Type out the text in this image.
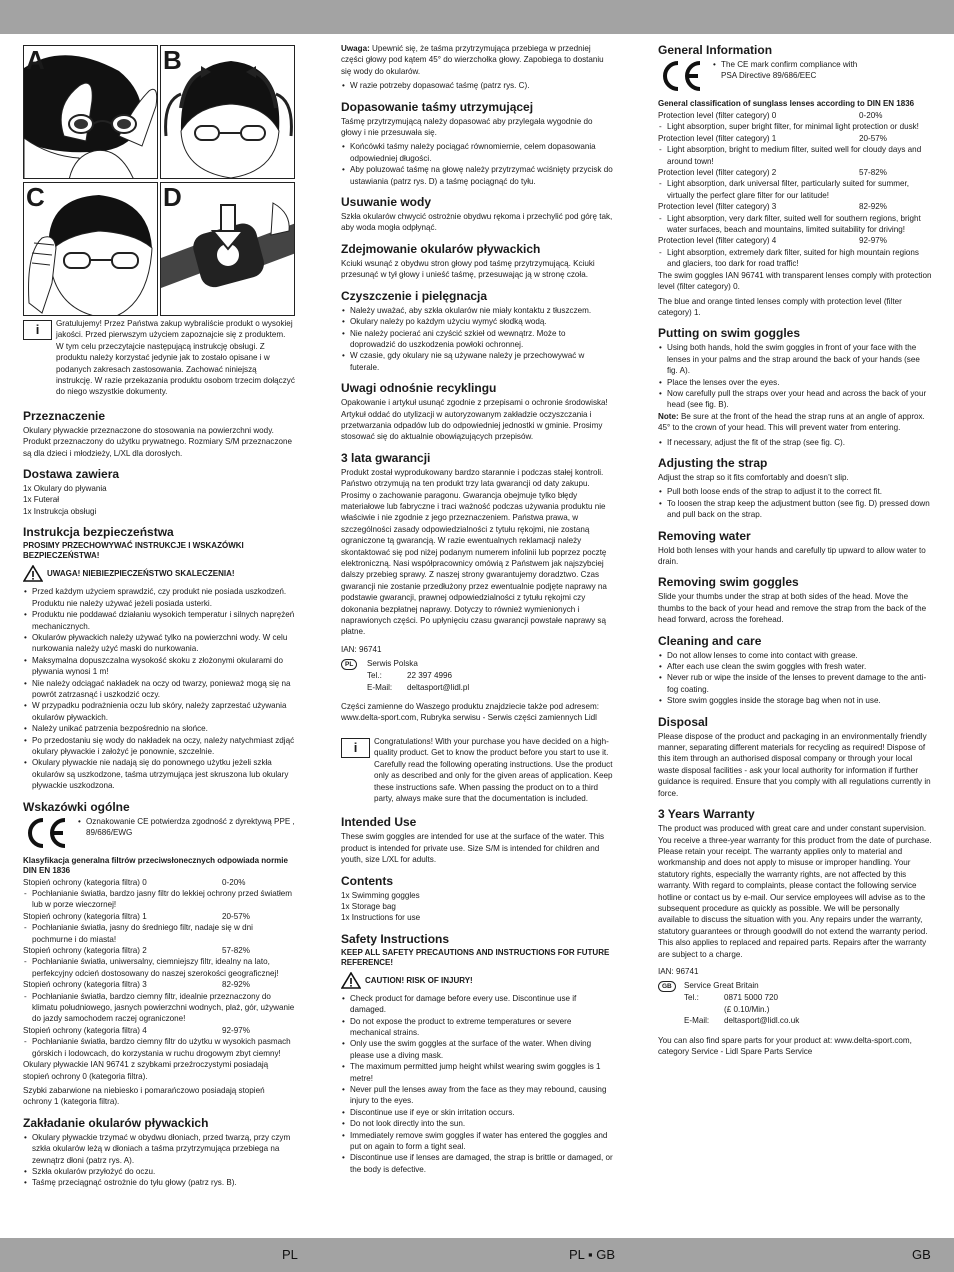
A	B
C	D
i	Gratulujemy! Przez Państwa zakup wybraliście produkt o wysokiej jakości. Przed pierwszym użyciem zapoznajcie się z produktem. W tym celu przeczytajcie następującą instrukcję obsługi. Z produktu należy korzystać jedynie jak to zostało opisane i w podanych zakresach zastosowania. Zachować niniejszą instrukcję. W razie przekazania produktu osobom trzecim dołączyć do niego wszystkie dokumenty.

Przeznaczenie

Okulary pływackie przeznaczone do stosowania na powierzchni wody. Produkt przeznaczony do użytku prywatnego. Rozmiary S/M przeznaczone są dla dzieci i młodzieży, L/XL dla dorosłych.

Dostawa zawiera
1x Okulary do pływania
1x Futerał
1x Instrukcja obsługi
Instrukcja bezpieczeństwa
PROSIMY PRZECHOWYWAĆ INSTRUKCJE I WSKAZÓWKI BEZPIECZEŃSTWA!
UWAGA! NIEBIEZPIECZEŃSTWO SKALECZENIA!
• Przed każdym użyciem sprawdzić, czy produkt nie posiada uszkodzeń. Produktu nie należy używać jeżeli posiada usterki.
• Produktu nie poddawać działaniu wysokich temperatur i silnych naprężeń mechanicznych.
• Okularów pływackich należy używać tylko na powierzchni wody. W celu nurkowania należy użyć maski do nurkowania.
• Maksymalna dopuszczalna wysokość skoku z złożonymi okularami do pływania wynosi 1 m!
• Nie należy odciągać nakładek na oczy od twarzy, ponieważ mogą się na powrót zatrzasnąć i uszkodzić oczy.
• W przypadku podrażnienia oczu lub skóry, należy zaprzestać używania okularów pływackich.
• Należy unikać patrzenia bezpośrednio na słońce.
• Po przedostaniu się wody do nakładek na oczy, należy natychmiast zdjąć okulary pływackie i założyć je ponownie, szczelnie.
• Okulary pływackie nie nadają się do ponownego użytku jeżeli szkła okularów są uszkodzone, taśma utrzymująca jest skruszona lub okulary pływackie uszkodzona.
Wskazówki ogólne
• Oznakowanie CE potwierdza zgodność z dyrektywą PPE , 89/686/EWG
Klasyfikacja generalna filtrów przeciwsłonecznych odpowiada normie DIN EN 1836
Stopień ochrony (kategoria filtra) 0	0-20%
- Pochłanianie światła, bardzo jasny filtr do lekkiej ochrony przed światłem lub w porze wieczornej!
Stopień ochrony (kategoria filtra) 1	20-57%
- Pochłanianie światła, jasny do średniego filtr, nadaje się w dni pochmurne i do miasta!
Stopień ochrony (kategoria filtra) 2	57-82%
- Pochłanianie światła, uniwersalny, ciemniejszy filtr, idealny na lato, perfekcyjny odcień dostosowany do naszej szerokości geograficznej!
Stopień ochrony (kategoria filtra) 3	82-92%
- Pochłanianie światła, bardzo ciemny filtr, idealnie przeznaczony do klimatu południowego, jasnych powierzchni wodnych, plaż, gór, używanie do jazdy samochodem raczej ograniczone!
Stopień ochrony (kategoria filtra) 4	92-97%
- Pochłanianie światła, bardzo ciemny filtr do użytku w wysokich pasmach górskich i lodowcach, do korzystania w ruchu drogowym zbyt ciemny!

Okulary pływackie IAN 96741 z szybkami przeźroczystymi posiadają stopień ochrony 0 (kategoria filtra).

Szybki zabarwione na niebiesko i pomarańczowo posiadają stopień ochrony 1 (kategoria filtra).

Zakładanie okularów pływackich
• Okulary pływackie trzymać w obydwu dłoniach, przed twarzą, przy czym szkła okularów leżą w dłoniach a taśma przytrzymująca przebiega na zewnątrz dłoni (patrz rys. A).
• Szkła okularów przyłożyć do oczu.
• Taśmę przeciągnąć ostrożnie do tyłu głowy (patrz rys. B).

Uwaga: Upewnić się, że taśma przytrzymująca przebiega w przedniej części głowy pod kątem 45° do wierzchołka głowy. Zapobiega to dostaniu się wody do okularów.

• W razie potrzeby dopasować taśmę (patrz rys. C).
Dopasowanie taśmy utrzymującej

Taśmę przytrzymującą należy dopasować aby przylegała wygodnie do głowy i nie przesuwała się.

• Końcówki taśmy należy pociągać równomiernie, celem dopasowania odpowiedniej długości.
• Aby poluzować taśmę na głowę należy przytrzymać wciśnięty przycisk do ustawiania (patrz rys. D) a taśmę pociągnąć do tyłu.
Usuwanie wody

Szkła okularów chwycić ostrożnie obydwu rękoma i przechylić pod górę tak, aby woda mogła odpłynąć.

Zdejmowanie okularów pływackich

Kciuki wsunąć z obydwu stron głowy pod taśmę przytrzymującą. Kciuki przesunąć w tył głowy i unieść taśmę, przesuwając ją w stronę czoła.

Czyszczenie i pielęgnacja
• Należy uważać, aby szkła okularów nie miały kontaktu z tłuszczem.
• Okulary należy po każdym użyciu wymyć słodką wodą.
• Nie należy pocierać ani czyścić szkieł od wewnątrz. Może to doprowadzić do uszkodzenia powłoki ochronnej.
• W czasie, gdy okulary nie są używane należy je przechowywać w futerale.
Uwagi odnośnie recyklingu

Opakowanie i artykuł usunąć zgodnie z przepisami o ochronie środowiska! Artykuł oddać do utylizacji w autoryzowanym zakładzie oczyszczania i przetwarzania odpadów lub do odpowiedniej jednostki w gminie. Prosimy stosować się do aktualnie obowiązujących przepisów.

3 lata gwarancji

Produkt został wyprodukowany bardzo starannie i podczas stałej kontroli. Państwo otrzymują na ten produkt trzy lata gwarancji od daty zakupu. Prosimy o zachowanie paragonu. Gwarancja obejmuje tylko błędy materiałowe lub fabryczne i traci ważność podczas używania produktu nie właściwie i nie zgodnie z jego przeznaczeniem. Państwa prawa, w szczególności zasady odpowiedzialności z tytułu rękojmi, nie zostaną ograniczone tą gwarancją. W razie ewentualnych reklamacji należy skontaktować się pod niżej podanym numerem infolinii lub poprzez pocztę elektroniczną. Nasi współpracownicy omówią z Państwem jak najszybciej dalszy przebieg sprawy. Z naszej strony gwarantujemy doradztwo. Czas gwarancji nie zostanie przedłużony przez ewentualnie podjęte naprawy na podstawie gwarancji, prawnej odpowiedzialności z tytułu rękojmi czy dokonania bezpłatnej naprawy. Dotyczy to również wymienionych i naprawionych części. Po upłynięciu czasu gwarancji powstałe naprawy są płatne.

IAN: 96741

PL	Serwis Polska
Tel.:	22 397 4996
E-Mail:	deltasport@lidl.pl

Części zamienne do Waszego produktu znajdziecie także pod adresem: www.delta-sport.com, Rubryka serwisu - Serwis części zamiennych Lidl

i	Congratulations! With your purchase you have decided on a high-quality product. Get to know the product before you start to use it. Carefully read the following operating instructions. Use the product only as described and only for the given areas of application. Keep these instructions safe. When passing the product on to a third party, always make sure that the documentation is included.

Intended Use

These swim goggles are intended for use at the surface of the water. This product is intended for private use. Size S/M is intended for children and youth, size L/XL for adults.

Contents
1x Swimming goggles
1x Storage bag
1x Instructions for use
Safety Instructions
KEEP ALL SAFETY PRECAUTIONS AND INSTRUCTIONS FOR FUTURE REFERENCE!
CAUTION! RISK OF INJURY!
• Check product for damage before every use. Discontinue use if damaged.
• Do not expose the product to extreme temperatures or severe mechanical strains.
• Only use the swim goggles at the surface of the water. When diving please use a diving mask.
• The maximum permitted jump height whilst wearing swim goggles is 1 metre!
• Never pull the lenses away from the face as they may rebound, causing injury to the eyes.
• Discontinue use if eye or skin irritation occurs.
• Do not look directly into the sun.
• Immediately remove swim goggles if water has entered the goggles and put on again to form a tight seal.
• Discontinue use if lenses are damaged, the strap is brittle or damaged, or the body is defective.
General Information
• The CE mark confirm compliance with PSA Directive 89/686/EEC
General classification of sunglass lenses according to DIN EN 1836
Protection level (filter category) 0	0-20%
- Light absorption, super bright filter, for minimal light protection or dusk!
Protection level (filter category) 1	20-57%
- Light absorption, bright to medium filter, suited well for cloudy days and around town!
Protection level (filter category) 2	57-82%
- Light absorption, dark universal filter, particularly suited for summer, virtually the perfect glare filter for our latitude!
Protection level (filter category) 3	82-92%
- Light absorption, very dark filter, suited well for southern regions, bright water surfaces, beach and mountains, limited suitability for driving!
Protection level (filter category) 4	92-97%
- Light absorption, extremely dark filter, suited for high mountain regions and glaciers, too dark for road traffic!

The swim goggles IAN 96741 with transparent lenses comply with protection level (filter category) 0.

The blue and orange tinted lenses comply with protection level (filter category) 1.

Putting on swim goggles
• Using both hands, hold the swim goggles in front of your face with the lenses in your palms and the strap around the back of your hands (see fig. A).
• Place the lenses over the eyes.
• Now carefully pull the straps over your head and across the back of your head (see fig. B).

Note: Be sure at the front of the head the strap runs at an angle of approx. 45° to the crown of your head. This will prevent water from entering.

• If necessary, adjust the fit of the strap (see fig. C).
Adjusting the strap

Adjust the strap so it fits comfortably and doesn’t slip.

• Pull both loose ends of the strap to adjust it to the correct fit.
• To loosen the strap keep the adjustment button (see fig. D) pressed down and pull back on the strap.
Removing water

Hold both lenses with your hands and carefully tip upward to allow water to drain.

Removing swim goggles

Slide your thumbs under the strap at both sides of the head. Move the thumbs to the back of your head and remove the strap from the back of the head forward, across the forehead.

Cleaning and care
• Do not allow lenses to come into contact with grease.
• After each use clean the swim goggles with fresh water.
• Never rub or wipe the inside of the lenses to prevent damage to the anti-fog coating.
• Store swim goggles inside the storage bag when not in use.
Disposal

Please dispose of the product and packaging in an environmentally friendly manner, separating different materials for recycling as required! Dispose of this item through an authorised disposal company or through your local waste disposal facilities - ask your local authority for information if further guidance is required. Ensure that you comply with all regulations currently in force.

3 Years Warranty

The product was produced with great care and under constant supervision. You receive a three-year warranty for this product from the date of purchase. Please retain your receipt. The warranty applies only to material and workmanship and does not apply to misuse or improper handling. Your statutory rights, especially the warranty rights, are not affected by this warranty. With regard to complaints, please contact the following service hotline or contact us by e-mail. Our service employees will advise as to the subsequent procedure as quickly as possible. We will be personally available to discuss the situation with you. Any repairs under the warranty, statutory guarantees or through goodwill do not extend the warranty period. This also applies to replaced and repaired parts. Repairs after the warranty are subject to a charge.

IAN: 96741

GB	Service Great Britain
Tel.:	0871 5000 720
(£ 0.10/Min.)
E-Mail:	deltasport@lidl.co.uk

You can also find spare parts for your product at: www.delta-sport.com, category Service - Lidl Spare Parts Service

PL	PL ▪ GB	GB
